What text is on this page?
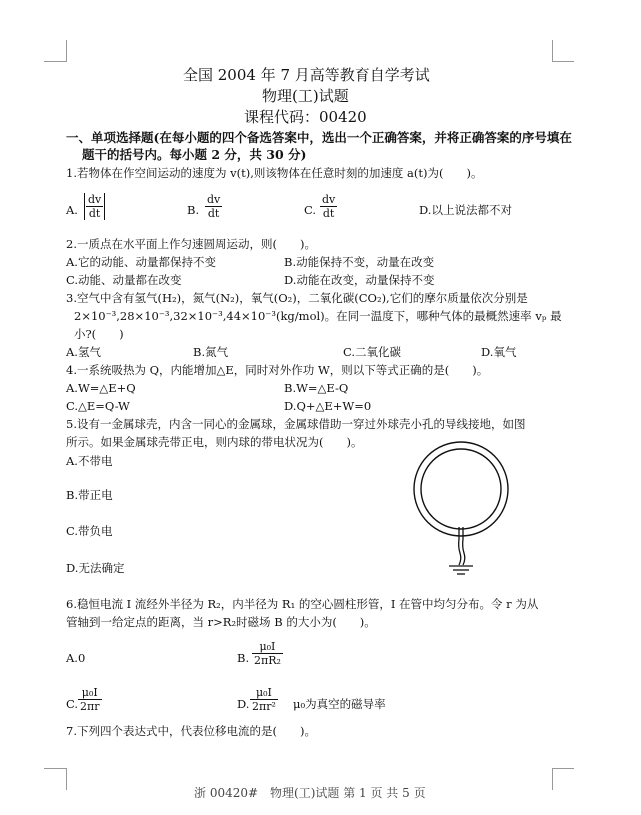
全国 2004 年 7 月高等教育自学考试
物理(工)试题
课程代码：00420
一、单项选择题(在每小题的四个备选答案中，选出一个正确答案，并将正确答案的序号填在
题干的括号内。每小题 2 分，共 30 分)
1.若物体在作空间运动的速度为 v(t),则该物体在任意时刻的加速度 a(t)为(　　)。
A. $\frac{dv}{dt}$	B. $\frac{dv}{dt}$	C. $\frac{dv}{dt}$	D.以上说法都不对
2.一质点在水平面上作匀速圆周运动，则(　　)。
A.它的动能、动量都保持不变	B.动能保持不变，动量在改变
C.动能、动量都在改变	D.动能在改变，动量保持不变
3.空气中含有氢气(H₂)，氮气(N₂)，氧气(O₂)，二氧化碳(CO₂),它们的摩尔质量依次分别是
2×10⁻³,28×10⁻³,32×10⁻³,44×10⁻³(kg/mol)。在同一温度下，哪种气体的最概然速率 vₚ 最
小?(　　)
A.氢气	B.氮气	C.二氧化碳	D.氧气
4.一系统吸热为 Q，内能增加△E，同时对外作功 W，则以下等式正确的是(　　)。
A.W=△E+Q	B.W=△E-Q
C.△E=Q-W	D.Q+△E+W=0
5.设有一金属球壳，内含一同心的金属球，金属球借助一穿过外球壳小孔的导线接地，如图
所示。如果金属球壳带正电，则内球的带电状况为(　　)。
A.不带电
B.带正电
C.带负电
D.无法确定
6.稳恒电流 I 流经外半径为 R₂，内半径为 R₁ 的空心圆柱形管，I 在管中均匀分布。令 r 为从
管轴到一给定点的距离，当 r>R₂时磁场 B 的大小为(　　)。
A.0	B. $\frac{\text{μ₀I}}{\text{2πR₂}}$
C. $\frac{\text{μ₀I}}{2\pi r}$	D. $\frac{\text{μ₀I}}{\text{2πr²}} \mu_0$为真空的磁导率
7.下列四个表达式中，代表位移电流的是(　　)。
浙 00420#　物理(工)试题 第 1 页 共 5 页
